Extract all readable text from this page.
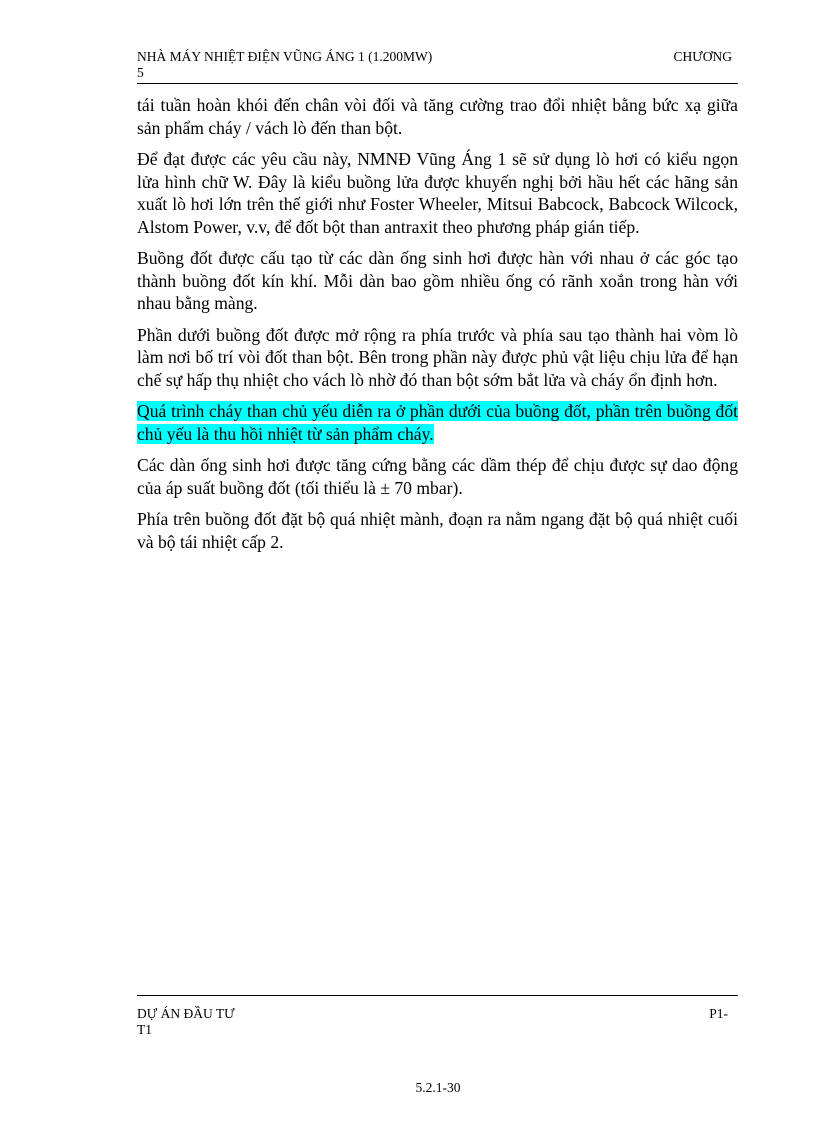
NHÀ MÁY NHIỆT ĐIỆN VŨNG ÁNG 1 (1.200MW)	CHƯƠNG
5

tái tuần hoàn khói đến chân vòi đối và tăng cường trao đổi nhiệt bằng bức xạ giữa sản phẩm cháy / vách lò đến than bột.

Để đạt được các yêu cầu này, NMNĐ Vũng Áng 1 sẽ sử dụng lò hơi có kiểu ngọn lửa hình chữ W. Đây là kiểu buồng lửa được khuyến nghị bởi hầu hết các hãng sản xuất lò hơi lớn trên thế giới như Foster Wheeler, Mitsui Babcock, Babcock Wilcock, Alstom Power, v.v, để đốt bột than antraxit theo phương pháp gián tiếp.

Buồng đốt được cấu tạo từ các dàn ống sinh hơi được hàn với nhau ở các góc tạo thành buồng đốt kín khí. Mỗi dàn bao gồm nhiều ống có rãnh xoắn trong hàn với nhau bằng màng.

Phần dưới buồng đốt được mở rộng ra phía trước và phía sau tạo thành hai vòm lò làm nơi bố trí vòi đốt than bột. Bên trong phần này được phủ vật liệu chịu lửa để hạn chế sự hấp thụ nhiệt cho vách lò nhờ đó than bột sớm bắt lửa và cháy ổn định hơn.

Quá trình cháy than chủ yếu diễn ra ở phần dưới của buồng đốt, phần trên buồng đốt chủ yếu là thu hồi nhiệt từ sản phẩm cháy.

Các dàn ống sinh hơi được tăng cứng bằng các dầm thép để chịu được sự dao động của áp suất buồng đốt (tối thiểu là ± 70 mbar).

Phía trên buồng đốt đặt bộ quá nhiệt mành, đoạn ra nằm ngang đặt bộ quá nhiệt cuối và bộ tái nhiệt cấp 2.

DỰ ÁN ĐẦU TƯ	P1-
T1
5.2.1-30
